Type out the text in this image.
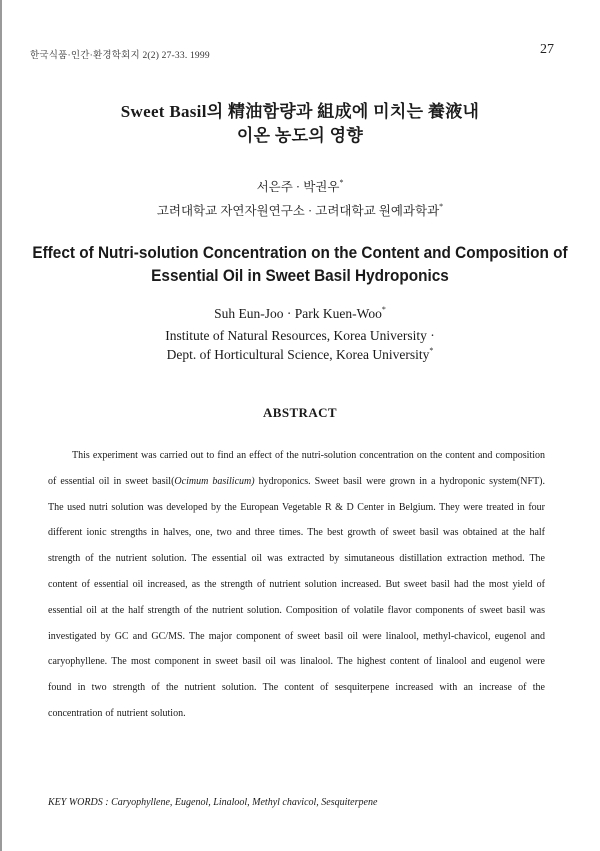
한국식품·인간·환경학회지 2(2) 27-33. 1999	27
Sweet Basil의 精油함량과 組成에 미치는 養液내
이온 농도의 영향
서은주 · 박권우*
고려대학교 자연자원연구소 · 고려대학교 원예과학과*
Effect of Nutri-solution Concentration on the Content and Composition of
Essential Oil in Sweet Basil Hydroponics
Suh Eun-Joo · Park Kuen-Woo*
Institute of Natural Resources, Korea University ·
Dept. of Horticultural Science, Korea University*
ABSTRACT
This experiment was carried out to find an effect of the nutri-solution concentration on the content and composition of essential oil in sweet basil(Ocimum basilicum) hydroponics. Sweet basil were grown in a hydroponic system(NFT). The used nutri solution was developed by the European Vegetable R & D Center in Belgium. They were treated in four different ionic strengths in halves, one, two and three times. The best growth of sweet basil was obtained at the half strength of the nutrient solution. The essential oil was extracted by simutaneous distillation extraction method. The content of essential oil increased, as the strength of nutrient solution increased. But sweet basil had the most yield of essential oil at the half strength of the nutrient solution. Composition of volatile flavor components of sweet basil was investigated by GC and GC/MS. The major component of sweet basil oil were linalool, methyl-chavicol, eugenol and caryophyllene. The most component in sweet basil oil was linalool. The highest content of linalool and eugenol were found in two strength of the nutrient solution. The content of sesquiterpene increased with an increase of the concentration of nutrient solution.
KEY WORDS : Caryophyllene, Eugenol, Linalool, Methyl chavicol, Sesquiterpene
